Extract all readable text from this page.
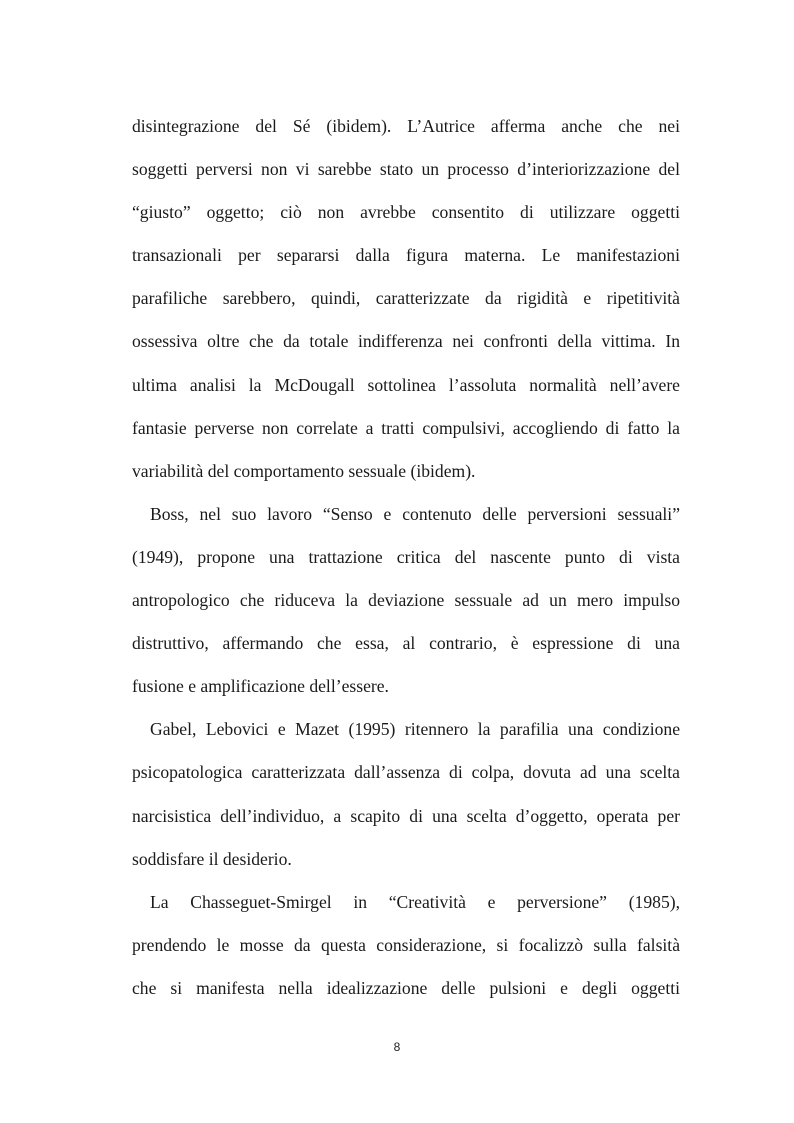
disintegrazione del Sé (ibidem). L’Autrice afferma anche che nei
soggetti perversi non vi sarebbe stato un processo d’interiorizzazione del
“giusto” oggetto; ciò non avrebbe consentito di utilizzare oggetti
transazionali per separarsi dalla figura materna. Le manifestazioni
parafiliche sarebbero, quindi, caratterizzate da rigidità e ripetitività
ossessiva oltre che da totale indifferenza nei confronti della vittima. In
ultima analisi la McDougall sottolinea l’assoluta normalità nell’avere
fantasie perverse non correlate a tratti compulsivi, accogliendo di fatto la
variabilità del comportamento sessuale (ibidem).
Boss, nel suo lavoro “Senso e contenuto delle perversioni sessuali”
(1949), propone una trattazione critica del nascente punto di vista
antropologico che riduceva la deviazione sessuale ad un mero impulso
distruttivo, affermando che essa, al contrario, è espressione di una
fusione e amplificazione dell’essere.
Gabel, Lebovici e Mazet (1995) ritennero la parafilia una condizione
psicopatologica caratterizzata dall’assenza di colpa, dovuta ad una scelta
narcisistica dell’individuo, a scapito di una scelta d’oggetto, operata per
soddisfare il desiderio.
La Chasseguet-Smirgel in “Creatività e perversione” (1985),
prendendo le mosse da questa considerazione, si focalizzò sulla falsità
che si manifesta nella idealizzazione delle pulsioni e degli oggetti
8
